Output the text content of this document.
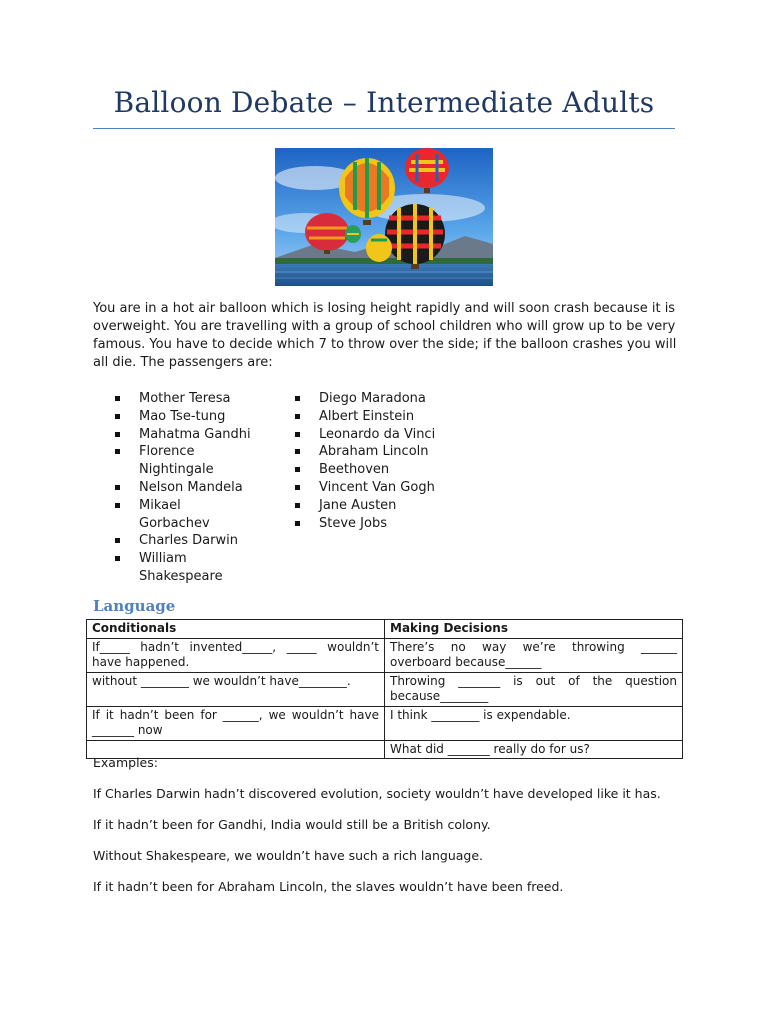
Balloon Debate – Intermediate Adults
You are in a hot air balloon which is losing height rapidly and will soon crash because it is overweight. You are travelling with a group of school children who will grow up to be very famous. You have to decide which 7 to throw over the side; if the balloon crashes you will all die. The passengers are:
Mother Teresa
Mao Tse-tung
Mahatma Gandhi
Florence Nightingale
Nelson Mandela
Mikael Gorbachev
Charles Darwin
William Shakespeare
Diego Maradona
Albert Einstein
Leonardo da Vinci
Abraham Lincoln
Beethoven
Vincent Van Gogh
Jane Austen
Steve Jobs
Language
Conditionals	Making Decisions
If_____ hadn’t invented_____, _____ wouldn’t have happened.	There’s no way we’re throwing ______ overboard because______
without ________ we wouldn’t have________.	Throwing _______ is out of the question because________
If it hadn’t been for ______, we wouldn’t have _______ now	I think ________ is expendable.
	What did _______ really do for us?

Examples:

If Charles Darwin hadn’t discovered evolution, society wouldn’t have developed like it has.

If it hadn’t been for Gandhi, India would still be a British colony.

Without Shakespeare, we wouldn’t have such a rich language.

If it hadn’t been for Abraham Lincoln, the slaves wouldn’t have been freed.
